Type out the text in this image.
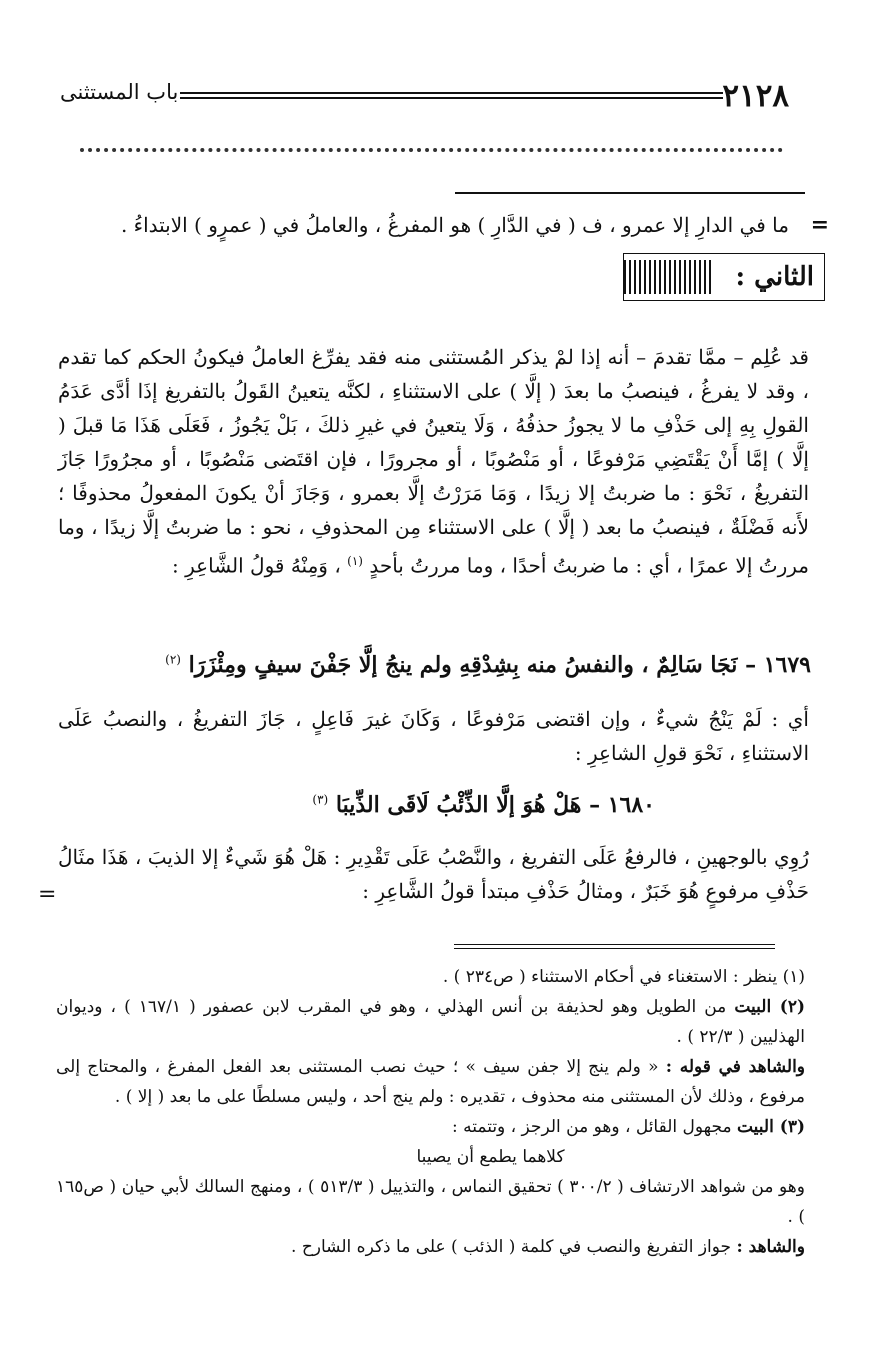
٢١٢٨
باب المستثنى
=
ما في الدارِ إلا عمرو ، ف ( في الدَّارِ ) هو المفرغُ ، والعاملُ في ( عمرٍو ) الابتداءُ .
الثاني :
قد عُلِم – ممَّا تقدمَ – أنه إذا لمْ يذكر المُستثنى منه فقد يفرِّغ العاملُ فيكونُ الحكم كما تقدم ، وقد لا يفرغُ ، فينصبُ ما بعدَ ( إلَّا ) على الاستثناءِ ، لكنَّه يتعينُ القَولُ بالتفريغ إذَا أدَّى عَدَمُ القولِ بِهِ إلى حَذْفِ ما لا يجوزُ حذفُهُ ، وَلَا يتعينُ في غيرِ ذلكَ ، بَلْ يَجُوزُ ، فَعَلَى هَذَا مَا قبلَ ( إلَّا ) إمَّا أَنْ يَقْتَضِي مَرْفوعًا ، أو مَنْصُوبًا ، أو مجرورًا ، فإن اقتَضى مَنْصُوبًا ، أو مجرُورًا جَازَ التفريغُ ، نَحْوَ : ما ضربتُ إلا زيدًا ، وَمَا مَرَرْتُ إلَّا بعمرو ، وَجَازَ أنْ يكونَ المفعولُ محذوفًا ؛ لأَنه فَضْلَةٌ ، فينصبُ ما بعد ( إلَّا ) على الاستثناء مِن المحذوفِ ، نحو : ما ضربتُ إلَّا زيدًا ، وما مررتُ إلا عمرًا ، أي : ما ضربتُ أحدًا ، وما مررتُ بأحدٍ $^{(١)}$ ، وَمِنْهُ قولُ الشَّاعِرِ :
١٦٧٩ – نَجَا سَالِمٌ ، والنفسُ منه بِشِدْقِهِ ولم ينجُ إلَّا جَفْنَ سيفٍ ومِئْزَرَا $^{(٢)}$
أي : لَمْ يَنْجُ شيءٌ ، وإن اقتضى مَرْفوعًا ، وَكَانَ غيرَ فَاعِلٍ ، جَازَ التفريغُ ، والنصبُ عَلَى الاستثناءِ ، نَحْوَ قولِ الشاعِرِ :
١٦٨٠ – هَلْ هُوَ إلَّا الذِّئْبُ لَاقَى الذِّيبَا $^{(٣)}$
رُوِي بالوجهينِ ، فالرفعُ عَلَى التفريغ ، والنَّصْبُ عَلَى تَقْدِيرِ : هَلْ هُوَ شَيءٌ إلا الذيبَ ، هَذَا مثَالُ حَذْفِ مرفوعٍ هُوَ خَبَرٌ ، ومثالُ حَذْفِ مبتدأ قولُ الشَّاعِرِ :
=

(١) ينظر : الاستغناء في أحكام الاستثناء ( ص٢٣٤ ) .

(٢) البيت من الطويل وهو لحذيفة بن أنس الهذلي ، وهو في المقرب لابن عصفور ( ١٦٧/١ ) ، وديوان الهذليين ( ٢٢/٣ ) .

والشاهد في قوله : « ولم ينج إلا جفن سيف » ؛ حيث نصب المستثنى بعد الفعل المفرغ ، والمحتاج إلى مرفوع ، وذلك لأن المستثنى منه محذوف ، تقديره : ولم ينج أحد ، وليس مسلطًا على ما بعد ( إلا ) .

(٣) البيت مجهول القائل ، وهو من الرجز ، وتتمته :

كلاهما يطمع أن يصيبا

وهو من شواهد الارتشاف ( ٣٠٠/٢ ) تحقيق النماس ، والتذييل ( ٥١٣/٣ ) ، ومنهج السالك لأبي حيان ( ص١٦٥ ) .

والشاهد : جواز التفريغ والنصب في كلمة ( الذئب ) على ما ذكره الشارح .
